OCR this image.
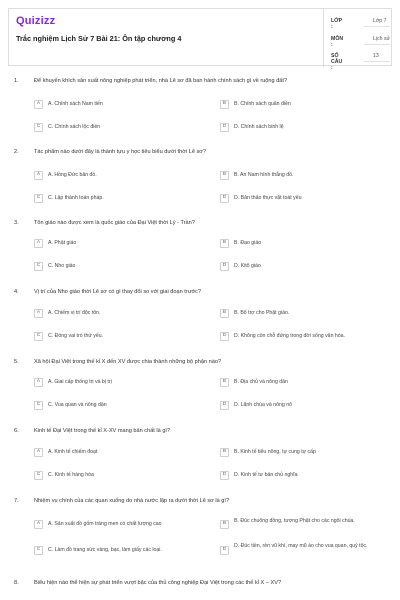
Quizizz
Trắc nghiệm Lịch Sử 7 Bài 21: Ôn tập chương 4
LỚP :
Lớp 7
MÔN :
Lịch sử
SỐ CÂU :
13
1.	Để khuyến khích sản xuất nông nghiệp phát triển, nhà Lê sơ đã ban hành chính sách gì về ruộng đất?
A	A. Chính sách Nam tiến	B	B. Chính sách quân điền
C	C. Chính sách lộc điền	D	D. Chính sách binh lệ
2.	Tác phẩm nào dưới đây là thành tựu y học tiêu biểu dưới thời Lê sơ?
A	A. Hồng Đức bản đồ.	B	B. An Nam hình thắng đồ.
C	C. Lập thành toán pháp.	D	D. Bản thảo thực vật toát yếu
3.	Tôn giáo nào được xem là quốc giáo của Đại Việt thời Lý - Trần?
A	A. Phật giáo	B	B. Đạo giáo
C	C. Nho giáo	D	D. Kitô giáo
4.	Vị trí của Nho giáo thời Lê sơ có gì thay đổi so với giai đoạn trước?
A	A. Chiếm vị trí độc tôn.	B	B. Bổ trợ cho Phật giáo.
C	C. Đóng vai trò thứ yếu.	D	D. Không còn chỗ đứng trong đời sống văn hóa.
5.	Xã hội Đại Việt trong thế kỉ X đến XV được chia thành những bộ phận nào?
A	A. Giai cấp thống trị và bị trị	B	B. Địa chủ và nông dân
C	C. Vua quan và nông dân	D	D. Lãnh chúa và nông nô
6.	Kinh tế Đại Việt trong thế kỉ X-XV mang bản chất là gì?
A	A. Kinh tế chiếm đoạt	B	B. Kinh tế tiểu nông, tự cung tự cấp
C	C. Kinh tế hàng hóa	D	D. Kinh tế tư bản chủ nghĩa
7.	Nhiệm vụ chính của các quan xuống do nhà nước lập ra dưới thời Lê sơ là gì?
A	A. Sản xuất đồ gốm tráng men có chất lượng cao	B	B. Đúc chuông đồng, tượng Phật cho các ngôi chùa.
C	C. Làm đồ trang sức vàng, bạc, làm giấy các loại.	D
D. Đúc tiền, rèn vũ khí, may mũ áo cho vua quan, quý tộc.
8.	Biểu hiện nào thể hiện sự phát triển vượt bậc của thủ công nghiệp Đại Việt trong các thế kỉ X – XV?
